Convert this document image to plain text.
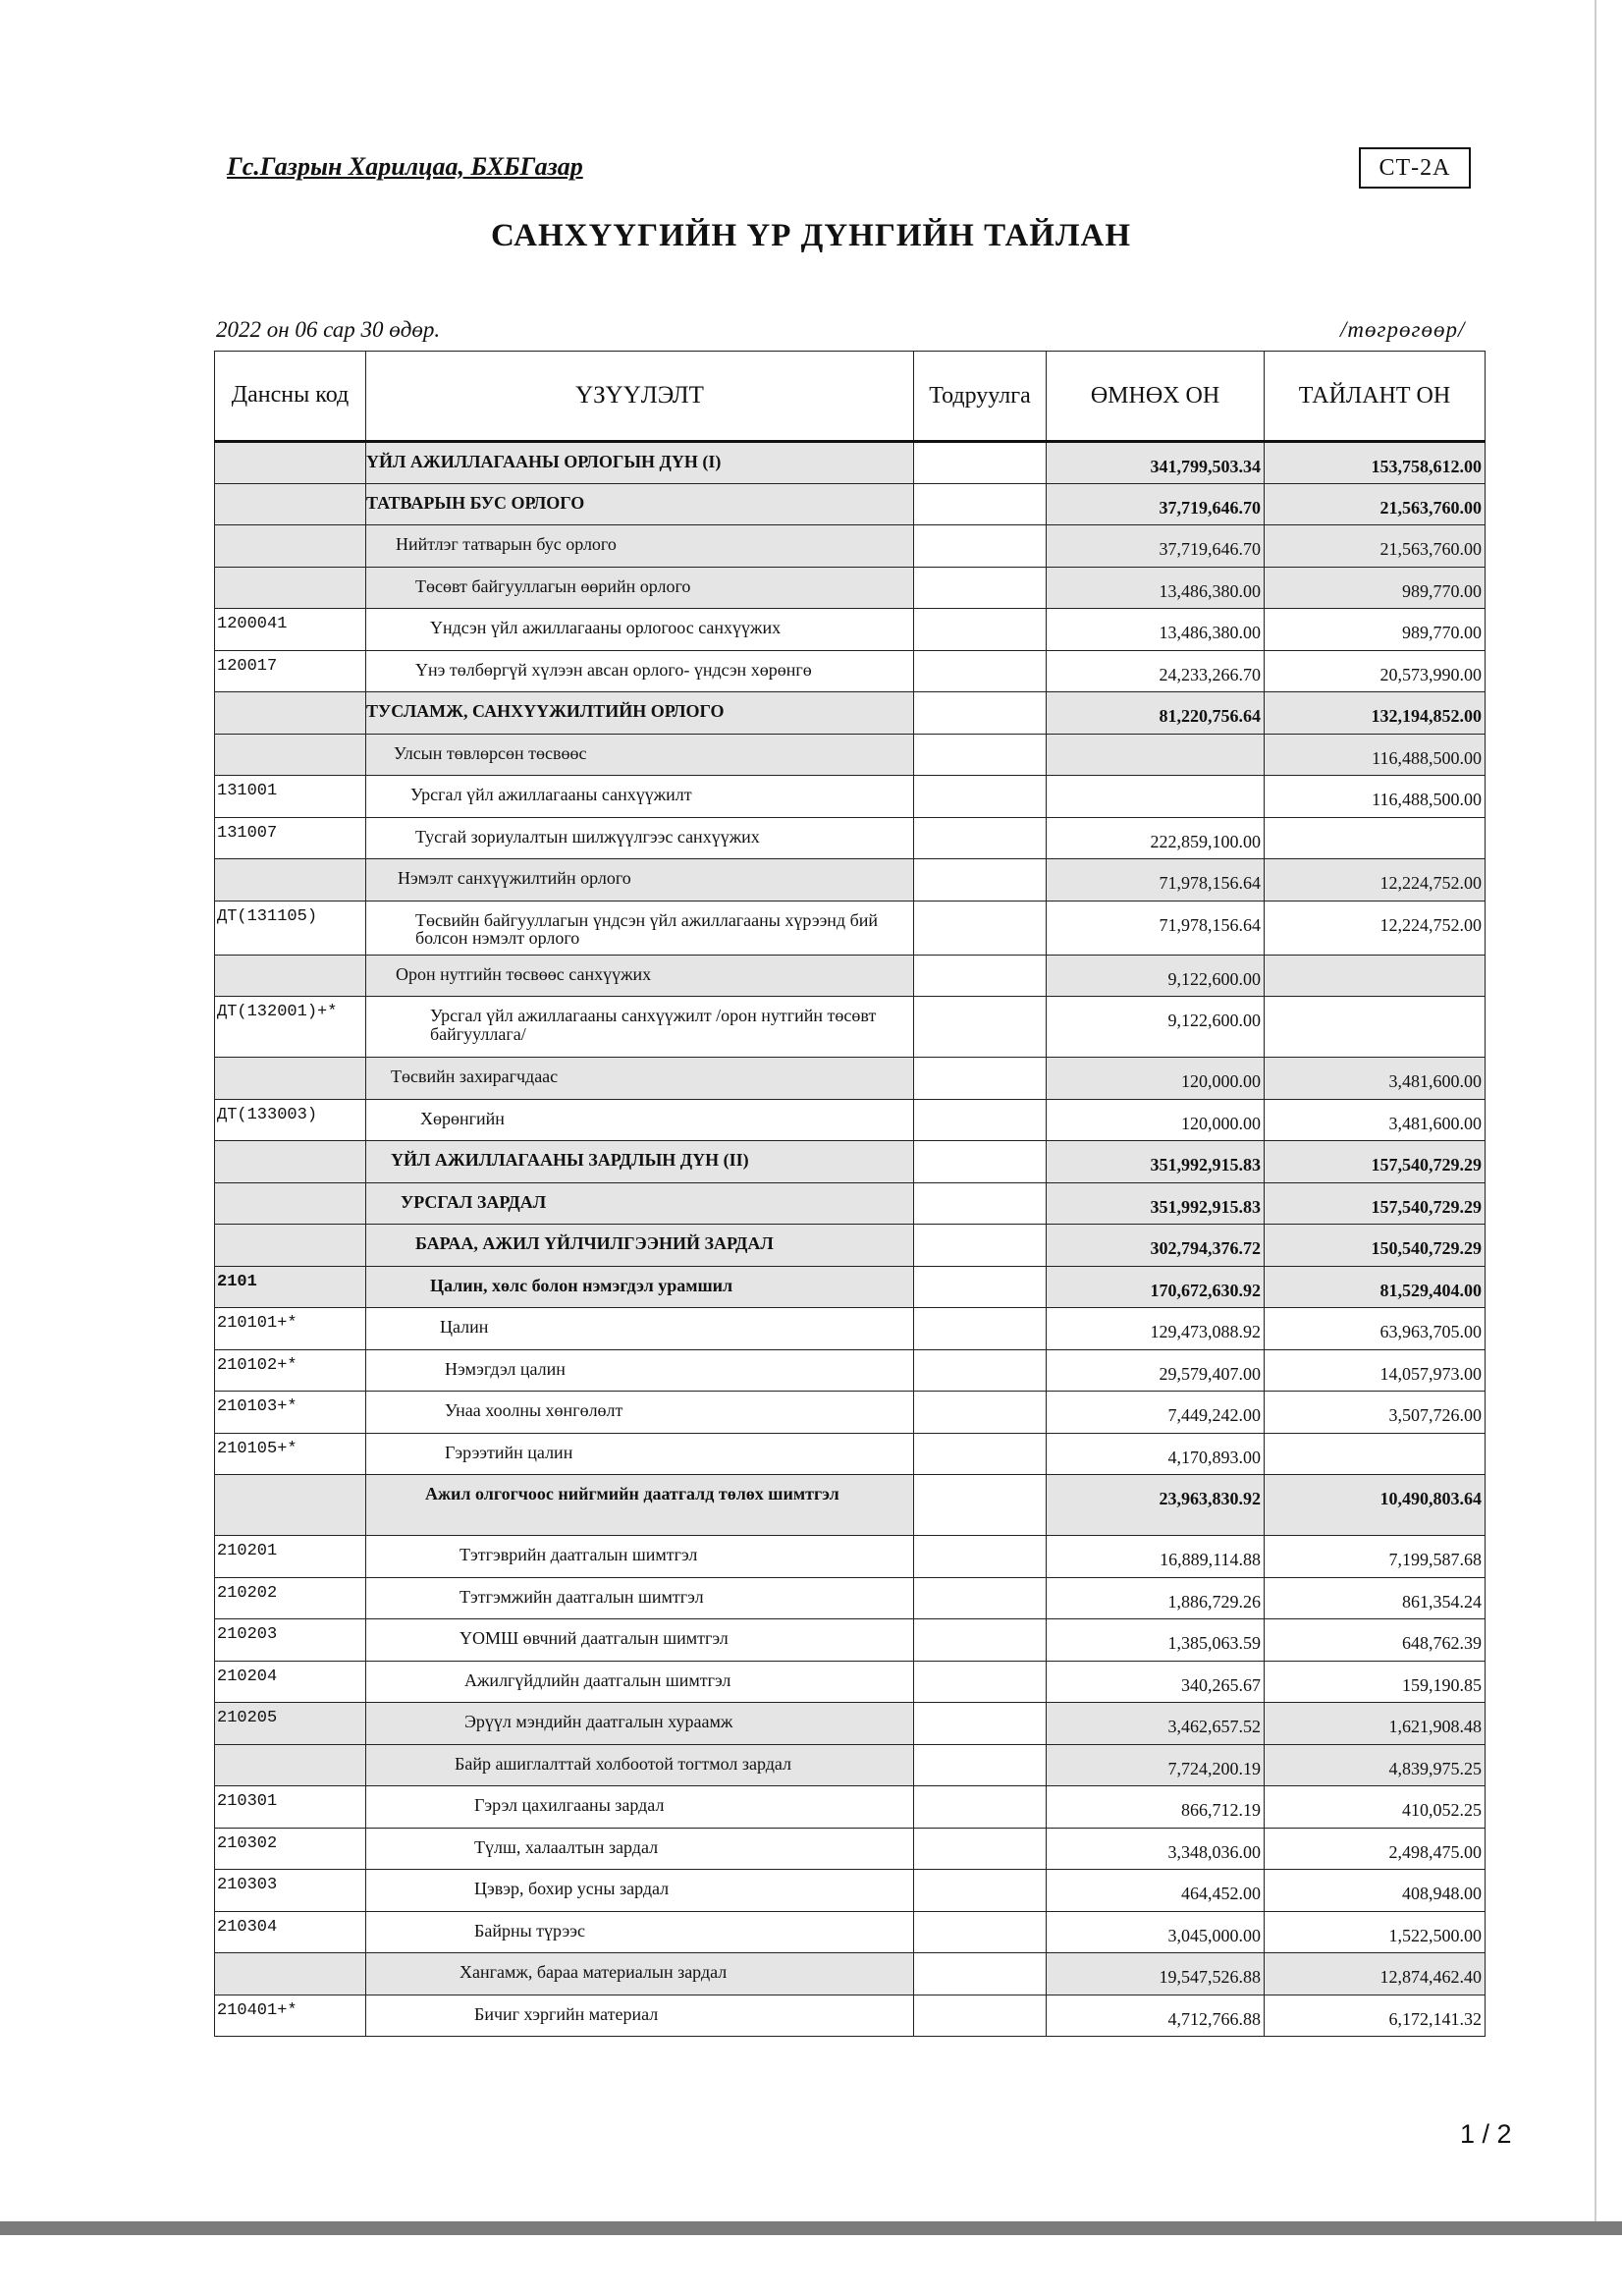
Гс.Газрын Харилцаа, БХБГазар	СТ-2А
САНХҮҮГИЙН ҮР ДҮНГИЙН ТАЙЛАН
2022 он 06 сар 30 өдөр.	/төгрөгөөр/
Дансны код	ҮЗҮҮЛЭЛТ	Тодруулга	ӨМНӨХ ОН	ТАЙЛАНТ ОН
	ҮЙЛ АЖИЛЛАГААНЫ ОРЛОГЫН ДҮН (I)		341,799,503.34	153,758,612.00
	ТАТВАРЫН БУС ОРЛОГО		37,719,646.70	21,563,760.00
	Нийтлэг татварын бус орлого		37,719,646.70	21,563,760.00
	Төсөвт байгууллагын өөрийн орлого		13,486,380.00	989,770.00
1200041	Үндсэн үйл ажиллагааны орлогоос санхүүжих		13,486,380.00	989,770.00
120017	Үнэ төлбөргүй хүлээн авсан орлого- үндсэн хөрөнгө		24,233,266.70	20,573,990.00
	ТУСЛАМЖ, САНХҮҮЖИЛТИЙН ОРЛОГО		81,220,756.64	132,194,852.00
	Улсын төвлөрсөн төсвөөс			116,488,500.00
131001	Урсгал үйл ажиллагааны санхүүжилт			116,488,500.00
131007	Тусгай зориулалтын шилжүүлгээс санхүүжих		222,859,100.00	
	Нэмэлт санхүүжилтийн орлого		71,978,156.64	12,224,752.00
ДТ(131105)	Төсвийн байгууллагын үндсэн үйл ажиллагааны хүрээнд бий болсон нэмэлт орлого		71,978,156.64	12,224,752.00
	Орон нутгийн төсвөөс санхүүжих		9,122,600.00	
ДТ(132001)+*	Урсгал үйл ажиллагааны санхүүжилт /орон нутгийн төсөвт байгууллага/		9,122,600.00	
	Төсвийн захирагчдаас		120,000.00	3,481,600.00
ДТ(133003)	Хөрөнгийн		120,000.00	3,481,600.00
	ҮЙЛ АЖИЛЛАГААНЫ ЗАРДЛЫН ДҮН (II)		351,992,915.83	157,540,729.29
	УРСГАЛ ЗАРДАЛ		351,992,915.83	157,540,729.29
	БАРАА, АЖИЛ ҮЙЛЧИЛГЭЭНИЙ ЗАРДАЛ		302,794,376.72	150,540,729.29
2101	Цалин, хөлс болон нэмэгдэл урамшил		170,672,630.92	81,529,404.00
210101+*	Цалин		129,473,088.92	63,963,705.00
210102+*	Нэмэгдэл цалин		29,579,407.00	14,057,973.00
210103+*	Унаа хоолны хөнгөлөлт		7,449,242.00	3,507,726.00
210105+*	Гэрээтийн цалин		4,170,893.00	
	Ажил олгогчоос нийгмийн даатгалд төлөх шимтгэл		23,963,830.92	10,490,803.64
210201	Тэтгэврийн даатгалын шимтгэл		16,889,114.88	7,199,587.68
210202	Тэтгэмжийн даатгалын шимтгэл		1,886,729.26	861,354.24
210203	ҮОМШ өвчний даатгалын шимтгэл		1,385,063.59	648,762.39
210204	Ажилгүйдлийн даатгалын шимтгэл		340,265.67	159,190.85
210205	Эрүүл мэндийн даатгалын хураамж		3,462,657.52	1,621,908.48
	Байр ашиглалттай холбоотой тогтмол зардал		7,724,200.19	4,839,975.25
210301	Гэрэл цахилгааны зардал		866,712.19	410,052.25
210302	Түлш, халаалтын зардал		3,348,036.00	2,498,475.00
210303	Цэвэр, бохир усны зардал		464,452.00	408,948.00
210304	Байрны түрээс		3,045,000.00	1,522,500.00
	Хангамж, бараа материалын зардал		19,547,526.88	12,874,462.40
210401+*	Бичиг хэргийн материал		4,712,766.88	6,172,141.32
1 / 2
